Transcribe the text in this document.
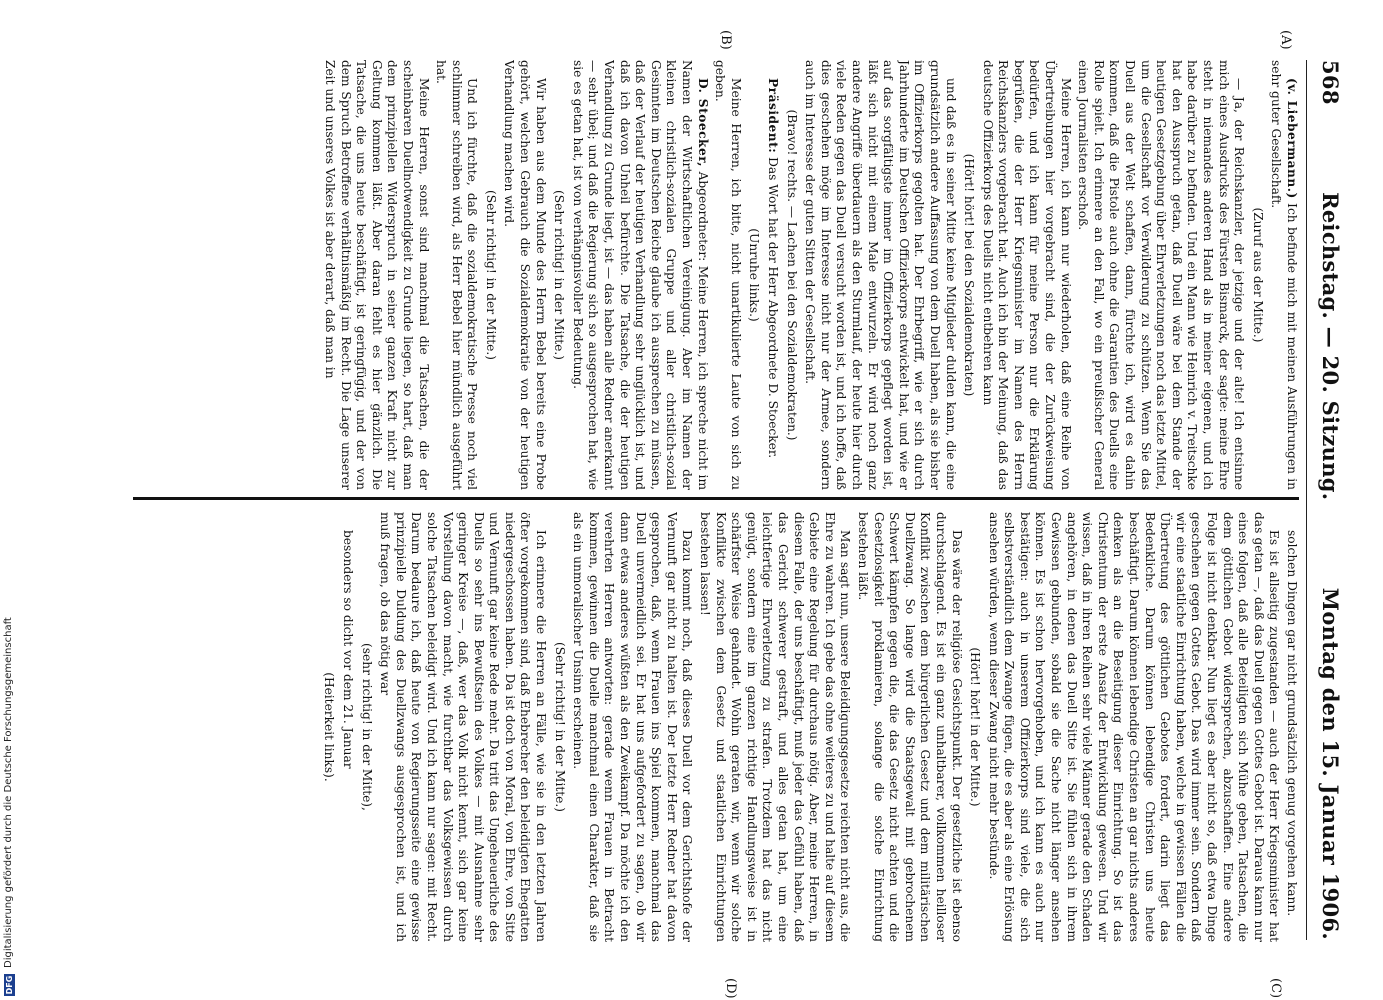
568
Reichstag. — 20. Sitzung.
Montag den 15. Januar 1906.
(A)
(B)
(C)
(D)

(v. Liebermann.) Ich befinde mich mit meinen Ausführungen in sehr guter Gesellschaft.

(Zuruf aus der Mitte.)

— Ja, der Reichskanzler, der jetzige und der alte! Ich entsinne mich eines Ausdrucks des Fürsten Bismarck, der sagte: meine Ehre steht in niemandes anderen Hand als in meiner eigenen, und ich habe darüber zu befinden. Und ein Mann wie Heinrich v. Treitschke hat den Ausspruch getan, daß Duell wäre bei dem Stande der heutigen Gesetzgebung über Ehrverletzungen noch das letzte Mittel, um die Gesellschaft vor Verwilderung zu schützen. Wenn Sie das Duell aus der Welt schaffen, dann, fürchte ich, wird es dahin kommen, daß die Pistole auch ohne die Garantien des Duells eine Rolle spielt. Ich erinnere an den Fall, wo ein preußischer General einen Journalisten erschoß.

Meine Herren, ich kann nur wiederholen, daß eine Reihe von Übertreibungen hier vorgebracht sind, die der Zurückweisung bedürfen, und ich kann für meine Person nur die Erklärung begrüßen, die der Herr Kriegsminister im Namen des Herrn Reichskanzlers vorgebracht hat. Auch ich bin der Meinung, daß das deutsche Offizierkorps des Duells nicht entbehren kann

(Hört! hört! bei den Sozialdemokraten)

und daß es in seiner Mitte keine Mitglieder dulden kann, die eine grundsätzlich andere Auffassung von dem Duell haben, als sie bisher im Offizierkorps gegolten hat. Der Ehrbegriff, wie er sich durch Jahrhunderte im Deutschen Offizierkorps entwickelt hat, und wie er auf das sorgfältigste immer im Offizierkorps gepflegt worden ist, läßt sich nicht mit einem Male entwurzeln. Er wird noch ganz andere Angriffe überdauern als den Sturmlauf, der heute hier durch viele Reden gegen das Duell versucht worden ist, und ich hoffe, daß dies geschehen möge im Interesse nicht nur der Armee, sondern auch im Interesse der guten Sitten der Gesellschaft.

(Bravo! rechts. — Lachen bei den Sozialdemokraten.)

Präsident: Das Wort hat der Herr Abgeordnete D. Stoecker.

(Unruhe links.)

Meine Herren, ich bitte, nicht unartikulierte Laute von sich zu geben.

D. Stoecker, Abgeordneter: Meine Herren, ich spreche nicht im Namen der Wirtschaftlichen Vereinigung. Aber im Namen der kleinen christlich-sozialen Gruppe und aller christlich-sozial Gesinnten im Deutschen Reiche glaube ich aussprechen zu müssen, daß der Verlauf der heutigen Verhandlung sehr unglücklich ist, und daß ich davon Unheil befürchte. Die Tatsache, die der heutigen Verhandlung zu Grunde liegt, ist — das haben alle Redner anerkannt — sehr übel; und daß die Regierung sich so ausgesprochen hat, wie sie es getan hat, ist von verhängnisvoller Bedeutung.

(Sehr richtig! in der Mitte.)

Wir haben aus dem Munde des Herrn Bebel bereits eine Probe gehört, welchen Gebrauch die Sozialdemokratie von der heutigen Verhandlung machen wird.

(Sehr richtig! in der Mitte.)

Und ich fürchte, daß die sozialdemokratische Presse noch viel schlimmer schreiben wird, als Herr Bebel hier mündlich ausgeführt hat.

Meine Herren, sonst sind manchmal die Tatsachen, die der scheinbaren Duellnotwendigkeit zu Grunde liegen, so hart, daß man dem prinzipiellen Widerspruch in seiner ganzen Kraft nicht zur Geltung kommen läßt. Aber daran fehlt es hier gänzlich. Die Tatsache, die uns heute beschäftigt, ist geringfügig, und der von dem Spruch Betroffene verhältnismäßig im Recht. Die Lage unserer Zeit und unseres Volkes ist aber derart, daß man in

solchen Dingen gar nicht grundsätzlich genug vorgehen kann.

Es ist allseitig zugestanden — auch der Herr Kriegsminister hat das getan —, daß das Duell gegen Gottes Gebot ist. Daraus kann nur eines folgen, daß alle Beteiligten sich Mühe geben, Tatsachen, die dem göttlichen Gebot widersprechen, abzuschaffen. Eine andere Folge ist nicht denkbar. Nun liegt es aber nicht so, daß etwa Dinge geschehen gegen Gottes Gebot. Das wird immer sein. Sondern daß wir eine staatliche Einrichtung haben, welche in gewissen Fällen die Übertretung des göttlichen Gebotes fordert, darin liegt das Bedenkliche. Darum können lebendige Christen uns heute beschäftigt. Darum können lebendige Christen an gar nichts anderes denken als an die Beseitigung dieser Einrichtung. So ist das Christentum der erste Ansatz der Entwicklung gewesen. Und wir wissen, daß in ihren Reihen sehr viele Männer gerade den Schaden angehören, in denen das Duell Sitte ist. Sie fühlen sich in ihrem Gewissen gebunden, sobald sie die Sache nicht länger ansehen können. Es ist schon hervorgehoben, und ich kann es auch nur bestätigen: auch in unserem Offizierkorps sind viele, die sich selbstverständlich dem Zwange fügen, die es aber als eine Erlösung ansehen würden, wenn dieser Zwang nicht mehr bestünde.

(Hört! hört! in der Mitte.)

Das wäre der religiöse Gesichtspunkt. Der gesetzliche ist ebenso durchschlagend. Es ist ein ganz unhaltbarer, vollkommen heilloser Konflikt zwischen dem bürgerlichen Gesetz und dem militärischen Duellzwang. So lange wird die Staatsgewalt mit gebrochenem Schwert kämpfen gegen die, die das Gesetz nicht achten und die Gesetzlosigkeit proklamieren, solange die solche Einrichtung bestehen läßt.

Man sagt nun, unsere Beleidigungsgesetze reichten nicht aus, die Ehre zu wahren. Ich gebe das ohne weiteres zu und halte auf diesem Gebiete eine Regelung für durchaus nötig. Aber, meine Herren, in diesem Falle, der uns beschäftigt, muß jeder das Gefühl haben, daß das Gericht schwerer gestraft, und alles getan hat, um eine leichtfertige Ehrverletzung zu strafen. Trotzdem hat das nicht genügt, sondern eine im ganzen richtige Handlungsweise ist in schärfster Weise geahndet. Wohin geraten wir, wenn wir solche Konflikte zwischen dem Gesetz und staatlichen Einrichtungen bestehen lassen!

Dazu kommt noch, daß dieses Duell vor dem Gerichtshofe der Vernunft gar nicht zu halten ist. Der letzte Herr Redner hat davon gesprochen, daß, wenn Frauen ins Spiel kommen, manchmal das Duell unvermeidlich sei. Er hat uns aufgefordert zu sagen, ob wir dann etwas anderes wüßten als den Zweikampf. Da möchte ich den verehrten Herren antworten: gerade wenn Frauen in Betracht kommen, gewinnen die Duelle manchmal einen Charakter, daß sie als ein unmoralischer Unsinn erscheinen.

(Sehr richtig! in der Mitte.)

Ich erinnere die Herren an Fälle, wie sie in den letzten Jahren öfter vorgekommen sind, daß Ehebrecher den beleidigten Ehegatten niedergeschossen haben. Da ist doch von Moral, von Ehre, von Sitte und Vernunft gar keine Rede mehr. Da tritt das Ungeheuerliche des Duells so sehr ins Bewußtsein des Volkes — mit Ausnahme sehr geringer Kreise —, daß, wer das Volk nicht kennt, sich gar keine Vorstellung davon macht, wie furchtbar das Volksgewissen durch solche Tatsachen beleidigt wird. Und ich kann nur sagen: mit Recht. Darum bedaure ich, daß heute von Regierungsseite eine gewisse prinzipielle Duldung des Duellzwangs ausgesprochen ist, und ich muß fragen, ob das nötig war

(sehr richtig! in der Mitte),

besonders so dicht vor dem 21. Januar

(Heiterkeit links).

DFG
Digitalisierung gefördert durch die Deutsche Forschungsgemeinschaft
